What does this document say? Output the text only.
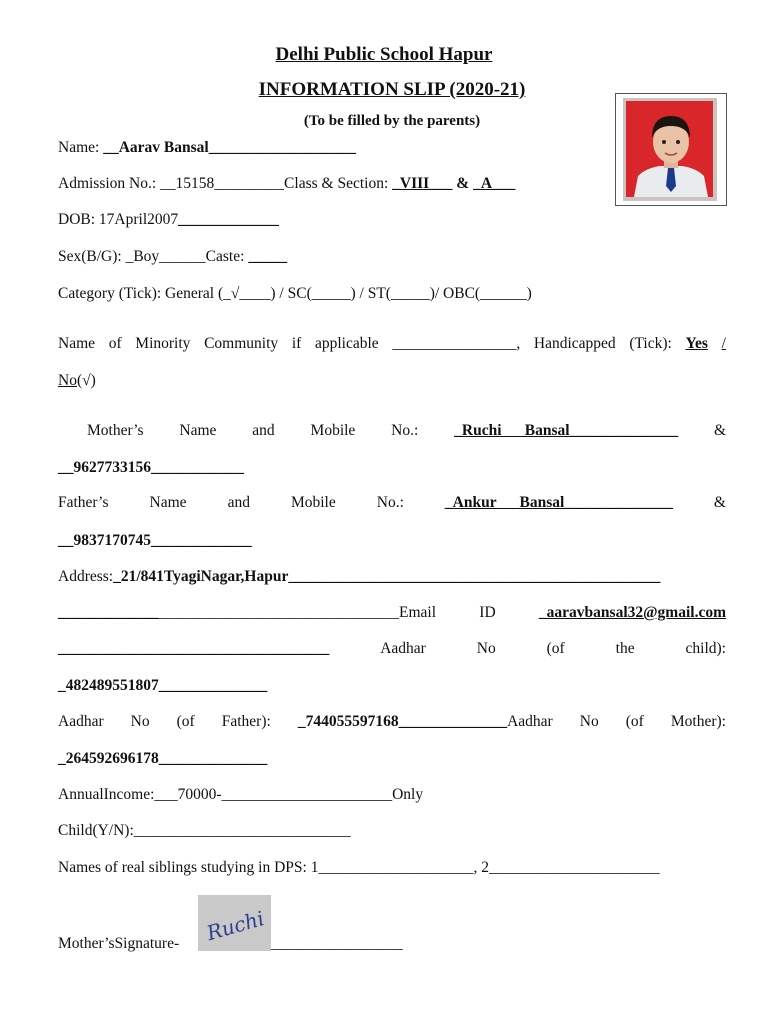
Delhi Public School Hapur
INFORMATION SLIP (2020-21)
(To be filled by the parents)
Name: __Aarav Bansal___________________
Admission No.: __15158_________Class & Section: _VIII___ & _A___
DOB: 17April2007_____________
Sex(B/G): _Boy______Caste: _____
Category (Tick): General (_√____) / SC(_____) / ST(_____)/ OBC(______)
Name of Minority Community if applicable ________________, Handicapped (Tick): Yes /
No(√)
Mother’s Name and Mobile No.: _Ruchi      Bansal______________ &
__9627733156____________
Father’s	Name	and	Mobile	No.:	_Ankur      Bansal______________	&
__9837170745_____________
Address:_21/841TyagiNagar,Hapur________________________________________________
____________________________________________Email	ID	_aaravbansal32@gmail.com
___________________________________	Aadhar	No	(of	the	child):
_482489551807______________
Aadhar No (of Father): _744055597168______________Aadhar No (of Mother):
_264592696178______________
AnnualIncome:___70000-______________________Only
Child(Y/N):____________________________
Names of real siblings studying in DPS: 1____________________, 2______________________
Mother’sSignature- Ruchi _________________
